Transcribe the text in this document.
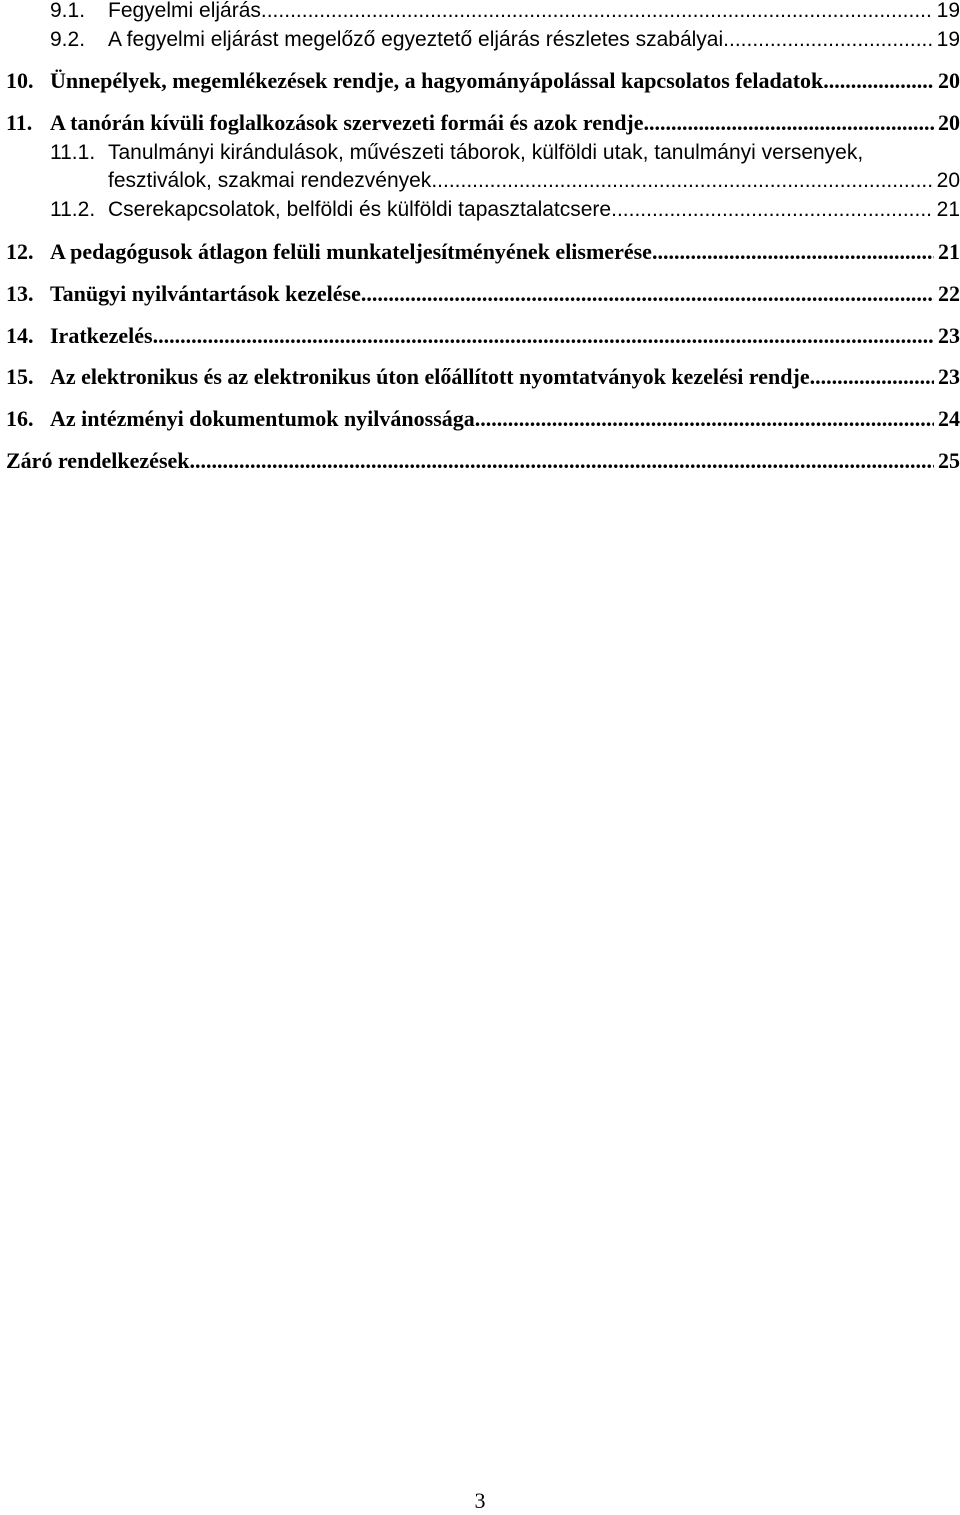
9.1.	Fegyelmi eljárás .....	19
9.2.	A fegyelmi eljárást megelőző egyeztető eljárás részletes szabályai .....	19
10. Ünnepélyek, megemlékezések rendje, a hagyományápolással kapcsolatos feladatok .....	20
11. A tanórán kívüli foglalkozások szervezeti formái és azok rendje .....	20
11.1. Tanulmányi kirándulások, művészeti táborok, külföldi utak, tanulmányi versenyek,
fesztiválok, szakmai rendezvények .....	20
11.2. Cserekapcsolatok, belföldi és külföldi tapasztalatcsere .....	21
12. A pedagógusok átlagon felüli munkateljesítményének elismerése .....	21
13. Tanügyi nyilvántartások kezelése .....	22
14. Iratkezelés .....	23
15. Az elektronikus és az elektronikus úton előállított nyomtatványok kezelési rendje .....	23
16. Az intézményi dokumentumok nyilvánossága .....	24
Záró rendelkezések .....	25
3
